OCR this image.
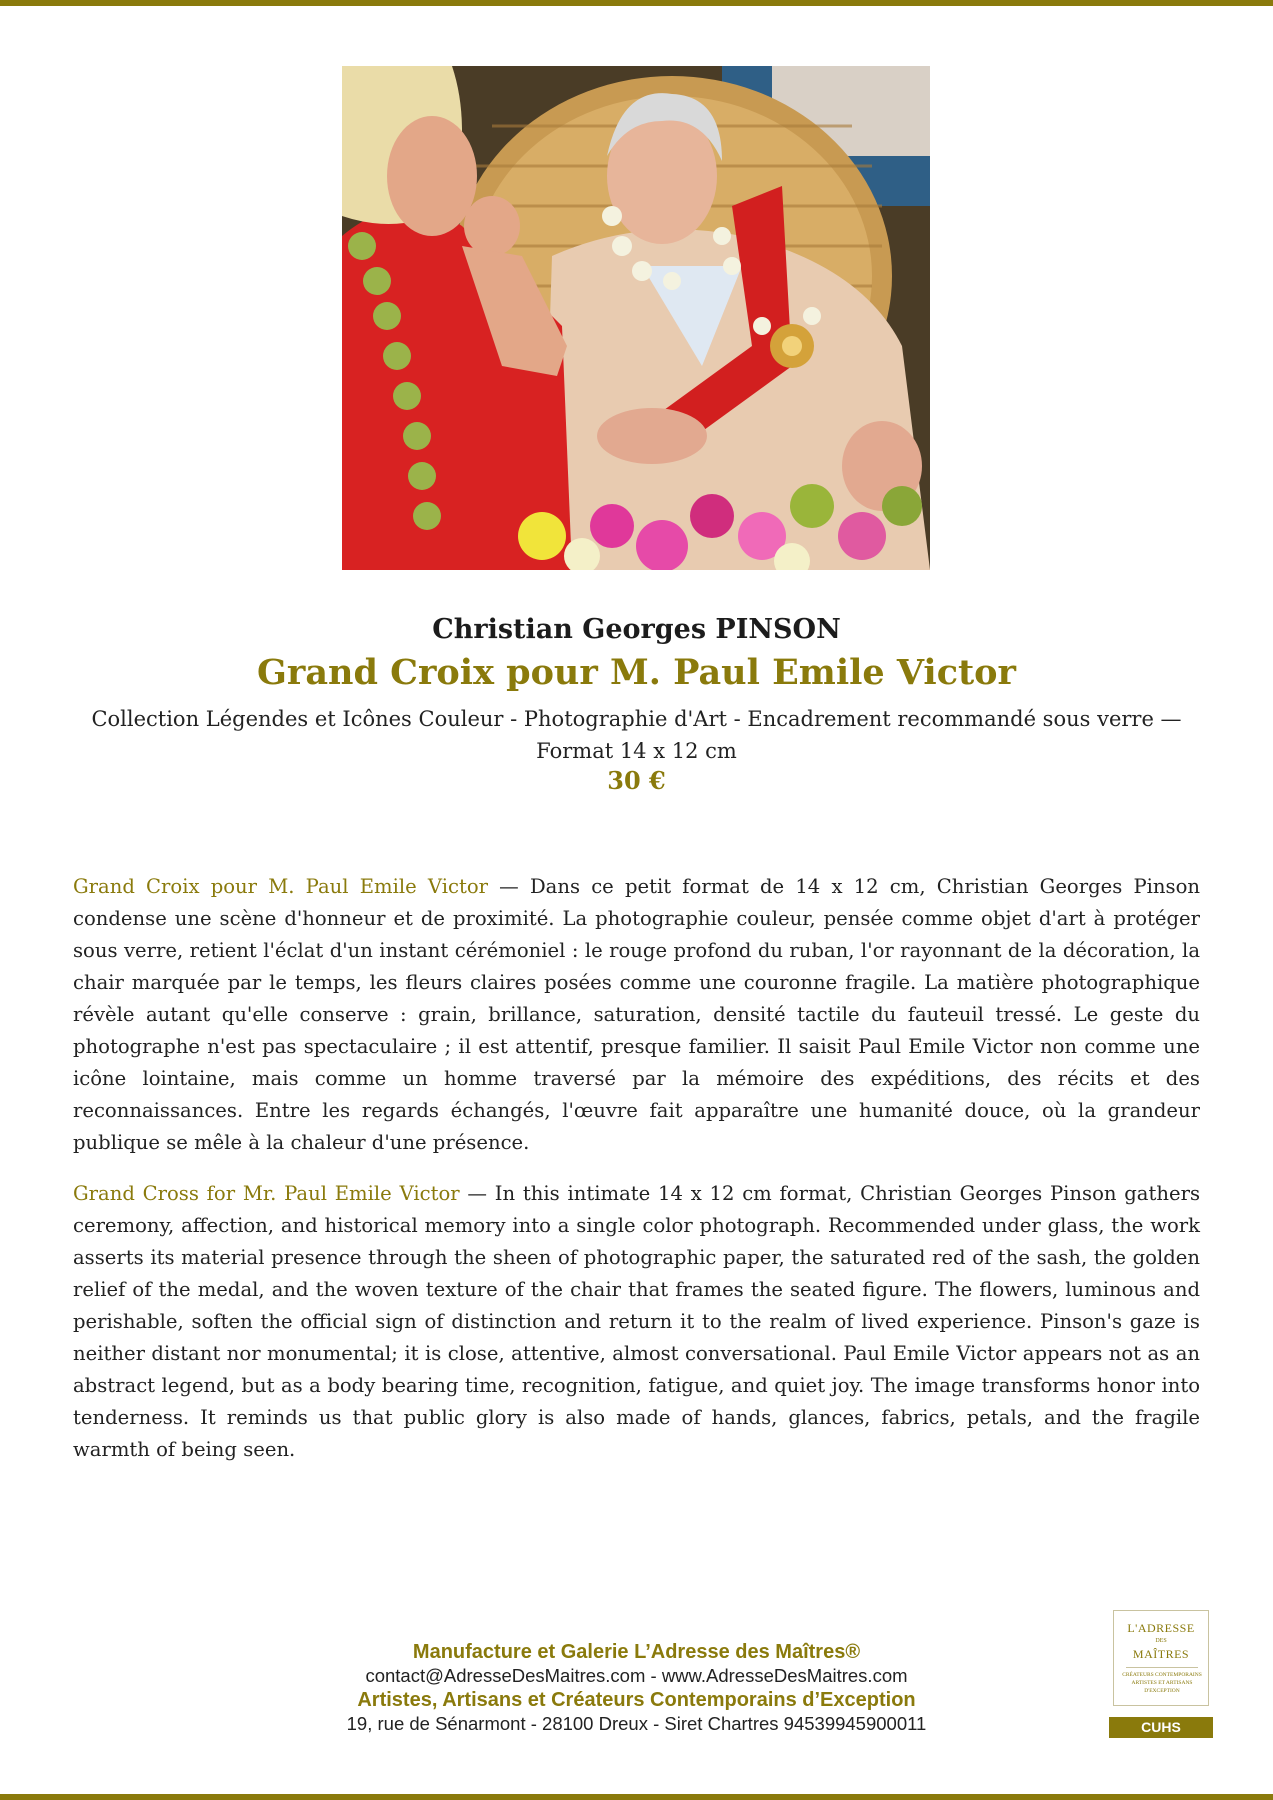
Christian Georges PINSON
Grand Croix pour M. Paul Emile Victor
Collection Légendes et Icônes Couleur - Photographie d'Art - Encadrement recommandé sous verre — Format 14 x 12 cm
30 €

Grand Croix pour M. Paul Emile Victor — Dans ce petit format de 14 x 12 cm, Christian Georges Pinson condense une scène d'honneur et de proximité. La photographie couleur, pensée comme objet d'art à protéger sous verre, retient l'éclat d'un instant cérémoniel : le rouge profond du ruban, l'or rayonnant de la décoration, la chair marquée par le temps, les fleurs claires posées comme une couronne fragile. La matière photographique révèle autant qu'elle conserve : grain, brillance, saturation, densité tactile du fauteuil tressé. Le geste du photographe n'est pas spectaculaire ; il est attentif, presque familier. Il saisit Paul Emile Victor non comme une icône lointaine, mais comme un homme traversé par la mémoire des expéditions, des récits et des reconnaissances. Entre les regards échangés, l'œuvre fait apparaître une humanité douce, où la grandeur publique se mêle à la chaleur d'une présence.

Grand Cross for Mr. Paul Emile Victor — In this intimate 14 x 12 cm format, Christian Georges Pinson gathers ceremony, affection, and historical memory into a single color photograph. Recommended under glass, the work asserts its material presence through the sheen of photographic paper, the saturated red of the sash, the golden relief of the medal, and the woven texture of the chair that frames the seated figure. The flowers, luminous and perishable, soften the official sign of distinction and return it to the realm of lived experience. Pinson's gaze is neither distant nor monumental; it is close, attentive, almost conversational. Paul Emile Victor appears not as an abstract legend, but as a body bearing time, recognition, fatigue, and quiet joy. The image transforms honor into tenderness. It reminds us that public glory is also made of hands, glances, fabrics, petals, and the fragile warmth of being seen.

Manufacture et Galerie L’Adresse des Maîtres®
contact@AdresseDesMaitres.com - www.AdresseDesMaitres.com
Artistes, Artisans et Créateurs Contemporains d’Exception
19, rue de Sénarmont - 28100 Dreux - Siret Chartres 94539945900011
L'ADRESSE
DES
MAÎTRES
CRÉATEURS CONTEMPORAINS ARTISTES ET ARTISANS D'EXCEPTION
CUHS
